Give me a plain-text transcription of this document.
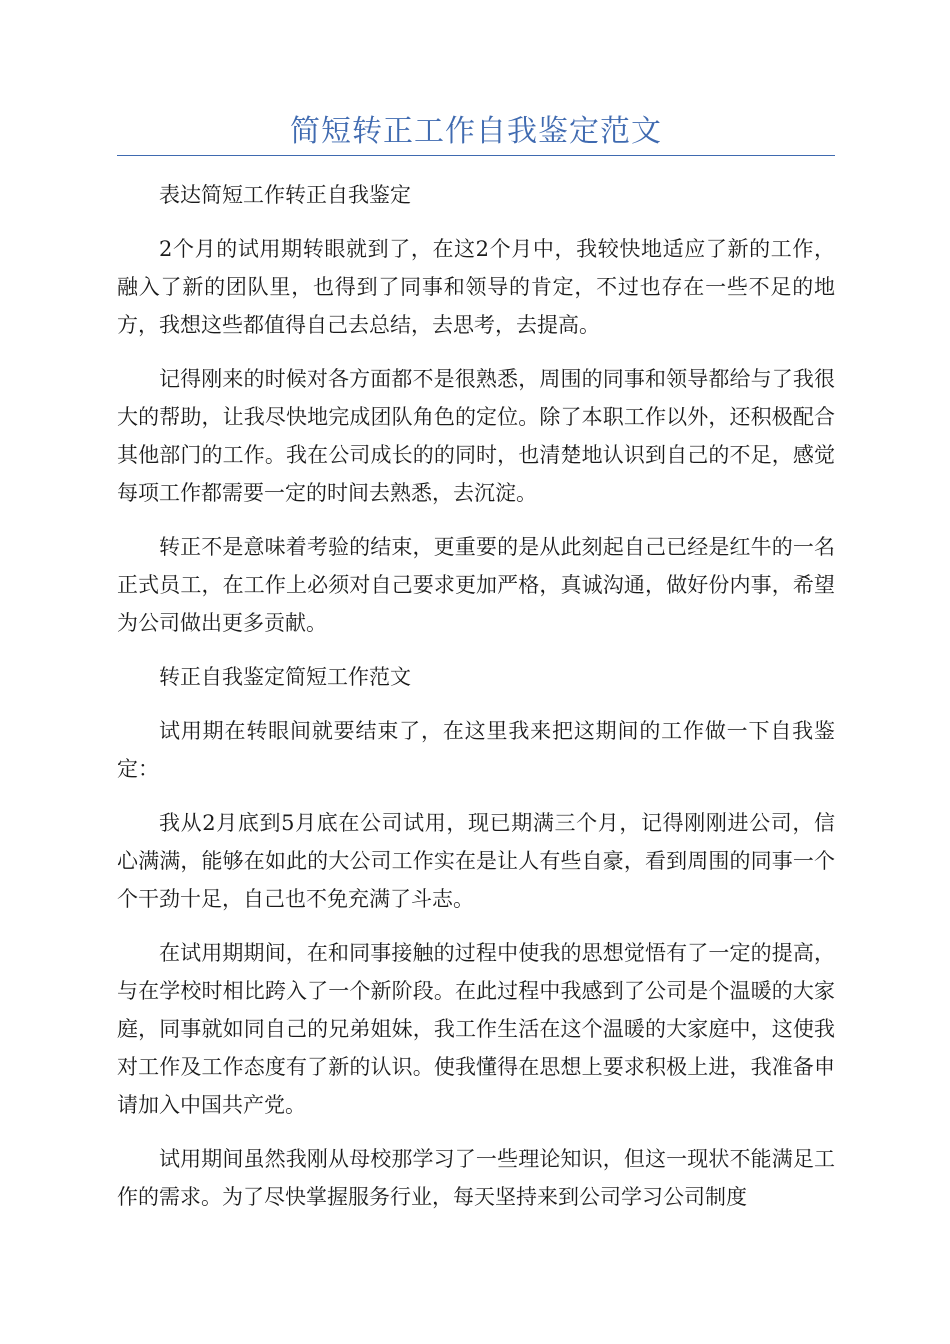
简短转正工作自我鉴定范文

表达简短工作转正自我鉴定

2个月的试用期转眼就到了，在这2个月中，我较快地适应了新的工作，融入了新的团队里，也得到了同事和领导的肯定，不过也存在一些不足的地方，我想这些都值得自己去总结，去思考，去提高。

记得刚来的时候对各方面都不是很熟悉，周围的同事和领导都给与了我很大的帮助，让我尽快地完成团队角色的定位。除了本职工作以外，还积极配合其他部门的工作。我在公司成长的的同时，也清楚地认识到自己的不足，感觉每项工作都需要一定的时间去熟悉，去沉淀。

转正不是意味着考验的结束，更重要的是从此刻起自己已经是红牛的一名正式员工，在工作上必须对自己要求更加严格，真诚沟通，做好份内事，希望为公司做出更多贡献。

转正自我鉴定简短工作范文

试用期在转眼间就要结束了，在这里我来把这期间的工作做一下自我鉴定：

我从2月底到5月底在公司试用，现已期满三个月，记得刚刚进公司，信心满满，能够在如此的大公司工作实在是让人有些自豪，看到周围的同事一个个干劲十足，自己也不免充满了斗志。

在试用期期间，在和同事接触的过程中使我的思想觉悟有了一定的提高，与在学校时相比跨入了一个新阶段。在此过程中我感到了公司是个温暖的大家庭，同事就如同自己的兄弟姐妹，我工作生活在这个温暖的大家庭中，这使我对工作及工作态度有了新的认识。使我懂得在思想上要求积极上进，我准备申请加入中国共产党。

试用期间虽然我刚从母校那学习了一些理论知识，但这一现状不能满足工作的需求。为了尽快掌握服务行业，每天坚持来到公司学习公司制度
